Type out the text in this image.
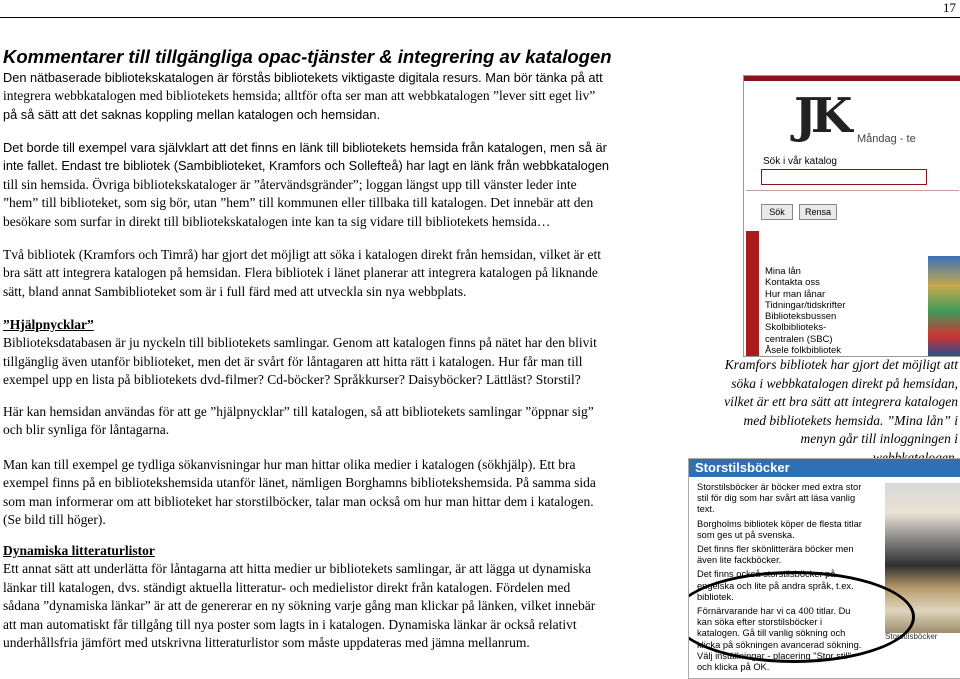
17
Kommentarer till tillgängliga opac-tjänster & integrering av katalogen

Den nätbaserade bibliotekskatalogen är förstås bibliotekets viktigaste digitala resurs. Man bör tänka på att

integrera webbkatalogen med bibliotekets hemsida; alltför ofta ser man att webbkatalogen ”lever sitt eget liv”

på så sätt att det saknas koppling mellan katalogen och hemsidan.

Det borde till exempel vara självklart att det finns en länk till bibliotekets hemsida från katalogen, men så är

inte fallet. Endast tre bibliotek (Sambiblioteket, Kramfors och Sollefteå) har lagt en länk från webbkatalogen

till sin hemsida. Övriga bibliotekskataloger är ”återvändsgränder”; loggan längst upp till vänster leder inte

”hem” till biblioteket, som sig bör, utan ”hem” till kommunen eller tillbaka till katalogen. Det innebär att den

besökare som surfar in direkt till bibliotekskatalogen inte kan ta sig vidare till bibliotekets hemsida…

Två bibliotek (Kramfors och Timrå) har gjort det möjligt att söka i katalogen direkt från hemsidan, vilket är ett

bra sätt att integrera katalogen på hemsidan. Flera bibliotek i länet planerar att integrera katalogen på liknande

sätt, bland annat Sambiblioteket som är i full färd med att utveckla sin nya webbplats.

”Hjälpnycklar”

Biblioteksdatabasen är ju nyckeln till bibliotekets samlingar. Genom att katalogen finns på nätet har den blivit

tillgänglig även utanför biblioteket, men det är svårt för låntagaren att hitta rätt i katalogen. Hur får man till

exempel upp en lista på bibliotekets dvd-filmer? Cd-böcker? Språkkurser? Daisyböcker? Lättläst? Storstil?

Här kan hemsidan användas för att ge ”hjälpnycklar” till katalogen, så att bibliotekets samlingar ”öppnar sig”

och blir synliga för låntagarna.

Man kan till exempel ge tydliga sökanvisningar hur man hittar olika medier i katalogen (sökhjälp). Ett bra

exempel finns på en bibliotekshemsida utanför länet, nämligen Borghamns bibliotekshemsida. På samma sida

som man informerar om att biblioteket har storstilböcker, talar man också om hur man hittar dem i katalogen.

(Se bild till höger).

Dynamiska litteraturlistor

Ett annat sätt att underlätta för låntagarna att hitta medier ur bibliotekets samlingar, är att lägga ut dynamiska

länkar till katalogen, dvs. ständigt aktuella litteratur- och medielistor direkt från katalogen. Fördelen med

sådana ”dynamiska länkar” är att de genererar en ny sökning varje gång man klickar på länken, vilket innebär

att man automatiskt får tillgång till nya poster som lagts in i katalogen. Dynamiska länkar är också relativt

underhållsfria jämfört med utskrivna litteraturlistor som måste uppdateras med jämna mellanrum.

JK Måndag - te
Sök i vår katalog
Sök	Rensa
Mina lån
Kontakta oss
Hur man lånar
Tidningar/tidskrifter
Biblioteksbussen
Skolbiblioteks-
centralen (SBC)
Åsele folkbibliotek

Kramfors bibliotek har gjort det möjligt att

söka i webbkatalogen direkt på hemsidan,

vilket är ett bra sätt att integrera katalogen

med bibliotekets hemsida. ”Mina lån” i

menyn går till inloggningen i

Storstilsböcker

Storstilsböcker är böcker med extra stor
stil för dig som har svårt att läsa vanlig
text.

Borgholms bibliotek köper de flesta titlar
som ges ut på svenska.

Det finns fler skönlitterära böcker men
även lite fackböcker.

Det finns också storstilsböcker på
engelska och lite på andra språk, t.ex.
bibliotek.

Förnärvarande har vi ca 400 titlar. Du
kan söka efter storstilsböcker i
katalogen. Gå till vanlig sökning och
klicka på sökningen avancerad sökning.
Välj inställningar - placering "Stor stil"
och klicka på OK.

Storstilsböcker
